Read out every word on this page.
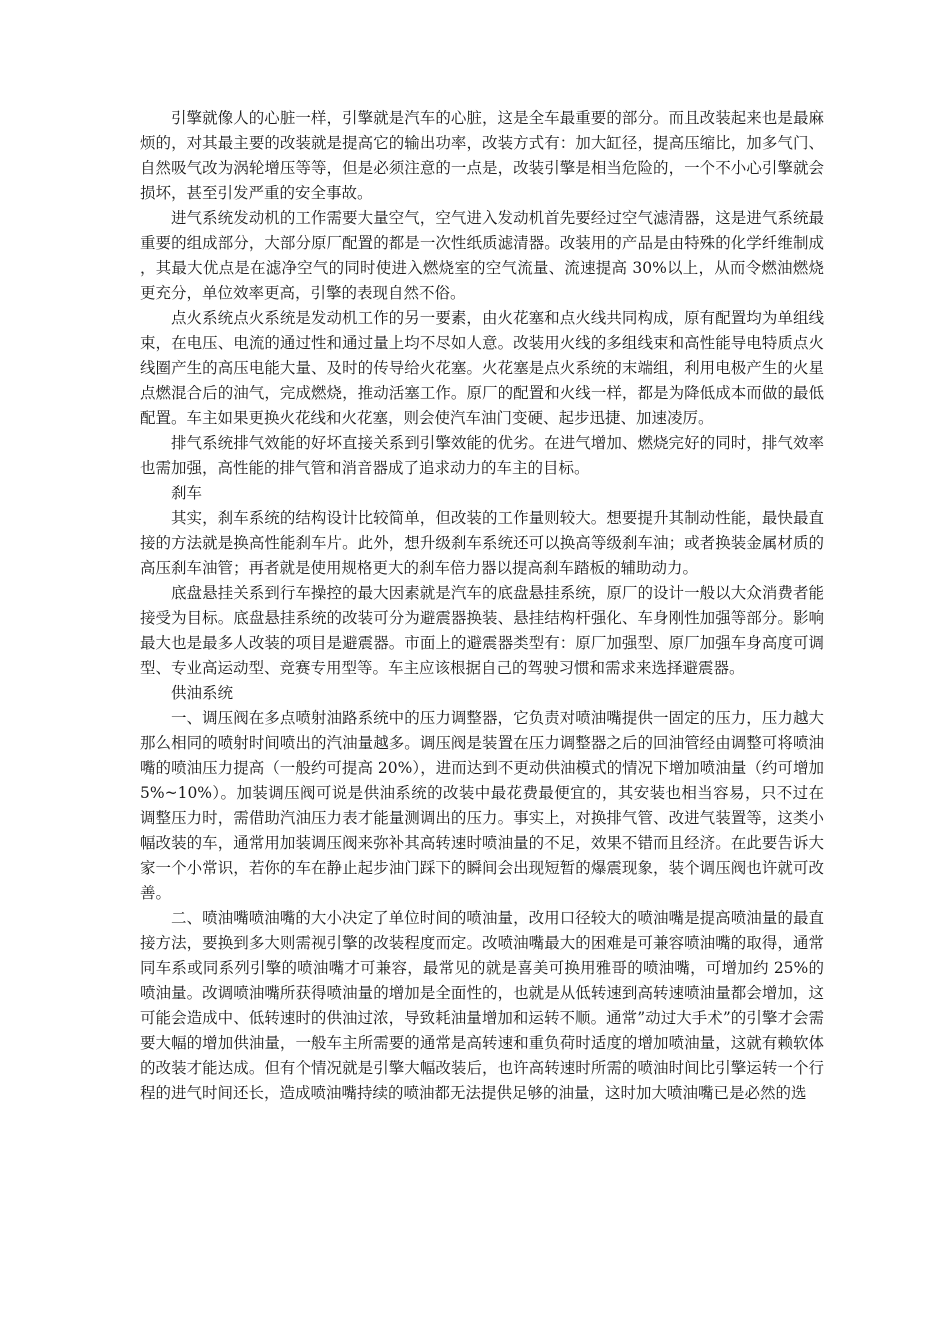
引擎就像人的心脏一样，引擎就是汽车的心脏，这是全车最重要的部分。而且改装起来也是最麻烦的，对其最主要的改装就是提高它的输出功率，改装方式有：加大缸径，提高压缩比，加多气门、自然吸气改为涡轮增压等等，但是必须注意的一点是，改装引擎是相当危险的，一个不小心引擎就会损坏，甚至引发严重的安全事故。

进气系统发动机的工作需要大量空气，空气进入发动机首先要经过空气滤清器，这是进气系统最重要的组成部分，大部分原厂配置的都是一次性纸质滤清器。改装用的产品是由特殊的化学纤维制成，其最大优点是在滤净空气的同时使进入燃烧室的空气流量、流速提高 30%以上，从而令燃油燃烧更充分，单位效率更高，引擎的表现自然不俗。

点火系统点火系统是发动机工作的另一要素，由火花塞和点火线共同构成，原有配置均为单组线束，在电压、电流的通过性和通过量上均不尽如人意。改装用火线的多组线束和高性能导电特质点火线圈产生的高压电能大量、及时的传导给火花塞。火花塞是点火系统的末端组，利用电极产生的火星点燃混合后的油气，完成燃烧，推动活塞工作。原厂的配置和火线一样，都是为降低成本而做的最低配置。车主如果更换火花线和火花塞，则会使汽车油门变硬、起步迅捷、加速凌厉。

排气系统排气效能的好坏直接关系到引擎效能的优劣。在进气增加、燃烧完好的同时，排气效率也需加强，高性能的排气管和消音器成了追求动力的车主的目标。

刹车

其实，刹车系统的结构设计比较简单，但改装的工作量则较大。想要提升其制动性能，最快最直接的方法就是换高性能刹车片。此外，想升级刹车系统还可以换高等级刹车油；或者换装金属材质的高压刹车油管；再者就是使用规格更大的刹车倍力器以提高刹车踏板的辅助动力。

底盘悬挂关系到行车操控的最大因素就是汽车的底盘悬挂系统，原厂的设计一般以大众消费者能接受为目标。底盘悬挂系统的改装可分为避震器换装、悬挂结构杆强化、车身刚性加强等部分。影响最大也是最多人改装的项目是避震器。市面上的避震器类型有：原厂加强型、原厂加强车身高度可调型、专业高运动型、竞赛专用型等。车主应该根据自己的驾驶习惯和需求来选择避震器。

供油系统

一、调压阀在多点喷射油路系统中的压力调整器，它负责对喷油嘴提供一固定的压力，压力越大那么相同的喷射时间喷出的汽油量越多。调压阀是装置在压力调整器之后的回油管经由调整可将喷油嘴的喷油压力提高（一般约可提高 20%），进而达到不更动供油模式的情况下增加喷油量（约可增加 5%~10%）。加装调压阀可说是供油系统的改装中最花费最便宜的，其安装也相当容易，只不过在调整压力时，需借助汽油压力表才能量测调出的压力。事实上，对换排气管、改进气装置等，这类小幅改装的车，通常用加装调压阀来弥补其高转速时喷油量的不足，效果不错而且经济。在此要告诉大家一个小常识，若你的车在静止起步油门踩下的瞬间会出现短暂的爆震现象，装个调压阀也许就可改善。

二、喷油嘴喷油嘴的大小决定了单位时间的喷油量，改用口径较大的喷油嘴是提高喷油量的最直接方法，要换到多大则需视引擎的改装程度而定。改喷油嘴最大的困难是可兼容喷油嘴的取得，通常同车系或同系列引擎的喷油嘴才可兼容，最常见的就是喜美可换用雅哥的喷油嘴，可增加约 25%的喷油量。改调喷油嘴所获得喷油量的增加是全面性的，也就是从低转速到高转速喷油量都会增加，这可能会造成中、低转速时的供油过浓，导致耗油量增加和运转不顺。通常”动过大手术”的引擎才会需要大幅的增加供油量，一般车主所需要的通常是高转速和重负荷时适度的增加喷油量，这就有赖软体的改装才能达成。但有个情况就是引擎大幅改装后，也许高转速时所需的喷油时间比引擎运转一个行程的进气时间还长，造成喷油嘴持续的喷油都无法提供足够的油量，这时加大喷油嘴已是必然的选
